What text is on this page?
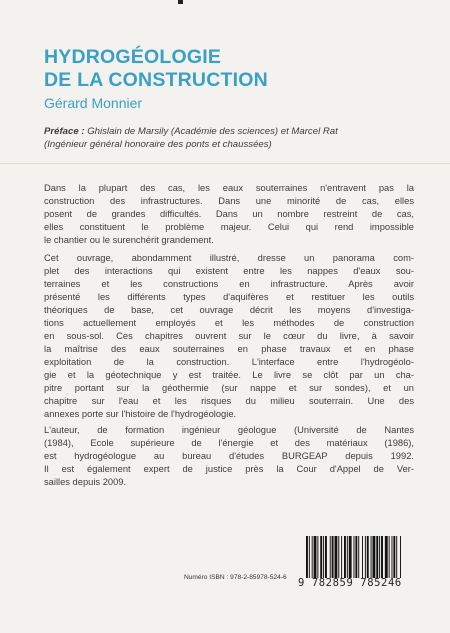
HYDROGÉOLOGIE
DE LA CONSTRUCTION

Gérard Monnier

Préface : Ghislain de Marsily (Académie des sciences) et Marcel Rat
(Ingénieur général honoraire des ponts et chaussées)
Dans la plupart des cas, les eaux souterraines n'entravent pas la
construction des infrastructures. Dans une minorité de cas, elles
posent de grandes difficultés. Dans un nombre restreint de cas,
elles constituent le problème majeur. Celui qui rend impossible
le chantier ou le surenchérit grandement.
Cet ouvrage, abondamment illustré, dresse un panorama com-
plet des interactions qui existent entre les nappes d'eaux sou-
terraines et les constructions en infrastructure. Après avoir
présenté les différents types d'aquifères et restituer les outils
théoriques de base, cet ouvrage décrit les moyens d'investiga-
tions actuellement employés et les méthodes de construction
en sous-sol. Ces chapitres ouvrent sur le cœur du livre, à savoir
la maîtrise des eaux souterraines en phase travaux et en phase
exploitation de la construction. L'interface entre l'hydrogéolo-
gie et la géotechnique y est traitée. Le livre se clôt par un cha-
pitre portant sur la géothermie (sur nappe et sur sondes), et un
chapitre sur l'eau et les risques du milieu souterrain. Une des
annexes porte sur l'histoire de l'hydrogéologie.
L'auteur, de formation ingénieur géologue (Université de Nantes
(1984), Ecole supérieure de l'énergie et des matériaux (1986),
est hydrogéologue au bureau d'études BURGEAP depuis 1992.
Il est également expert de justice près la Cour d'Appel de Ver-
sailles depuis 2009.
Numéro ISBN : 978-2-85978-524-6 9 782859 785246
